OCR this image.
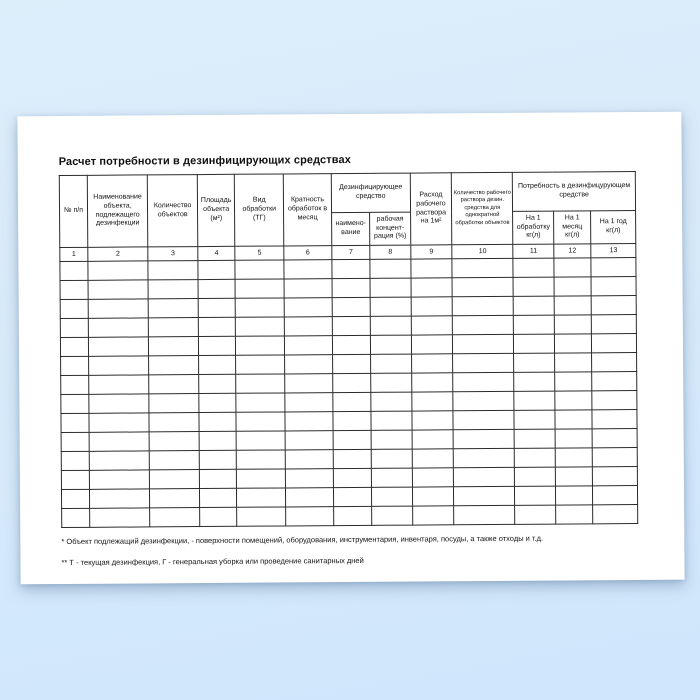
Расчет потребности в дезинфицирующих средствах

№ п/п	Наименование объекта, подлежащего дезинфекции	Количество объектов	Площадь объекта (м²)	Вид обработки (ТГ)	Кратность обработок в месяц	Дезинфицирующее средство		Расход рабочего раствора на 1м²	Количество рабочего раствора дезин. средства для однократной обработки объектов	Потребность в дезинфицурующем средстве		
						наимено-вание	рабочая концент-рация (%)			На 1 обработку кг(л)	На 1 месяц кг(л)	На 1 год кг(л)
1	2	3	4	5	6	7	8	9	10	11	12	13

* Объект подлежащий дезинфекции, - поверхности помещений, оборудования, инструментария, инвентаря, посуды, а также отходы и т.д.

** Т - текущая дезинфекция, Г - генеральная уборка или проведение санитарных дней
